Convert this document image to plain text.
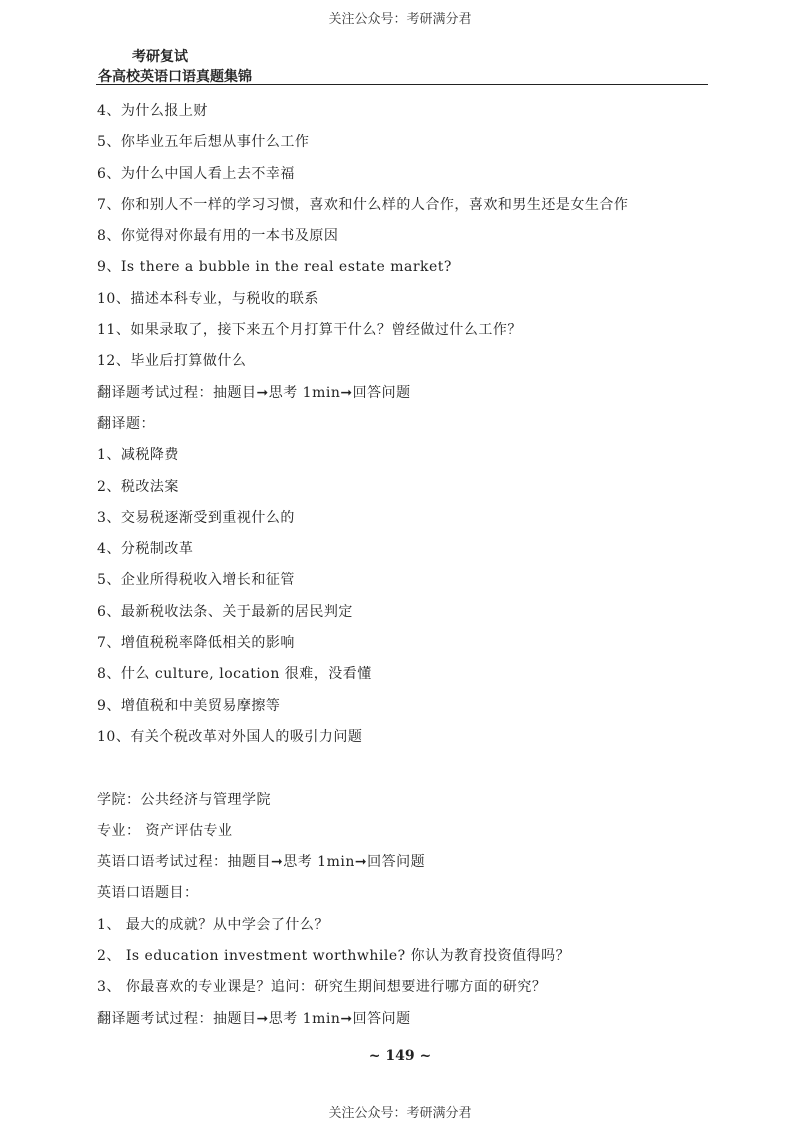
关注公众号：考研满分君
考研复试
各高校英语口语真题集锦
4、为什么报上财
5、你毕业五年后想从事什么工作
6、为什么中国人看上去不幸福
7、你和别人不一样的学习习惯，喜欢和什么样的人合作，喜欢和男生还是女生合作
8、你觉得对你最有用的一本书及原因
9、Is there a bubble in the real estate market?
10、描述本科专业，与税收的联系
11、如果录取了，接下来五个月打算干什么？曾经做过什么工作？
12、毕业后打算做什么
翻译题考试过程：抽题目➞思考 1min➞回答问题
翻译题：
1、减税降费
2、税改法案
3、交易税逐渐受到重视什么的
4、分税制改革
5、企业所得税收入增长和征管
6、最新税收法条、关于最新的居民判定
7、增值税税率降低相关的影响
8、什么 culture, location 很难，没看懂
9、增值税和中美贸易摩擦等
10、有关个税改革对外国人的吸引力问题
学院：公共经济与管理学院
专业： 资产评估专业
英语口语考试过程：抽题目➞思考 1min➞回答问题
英语口语题目：
1、 最大的成就？从中学会了什么？
2、 Is education investment worthwhile? 你认为教育投资值得吗？
3、 你最喜欢的专业课是？追问：研究生期间想要进行哪方面的研究？
翻译题考试过程：抽题目➞思考 1min➞回答问题
~ 149 ~
关注公众号：考研满分君
